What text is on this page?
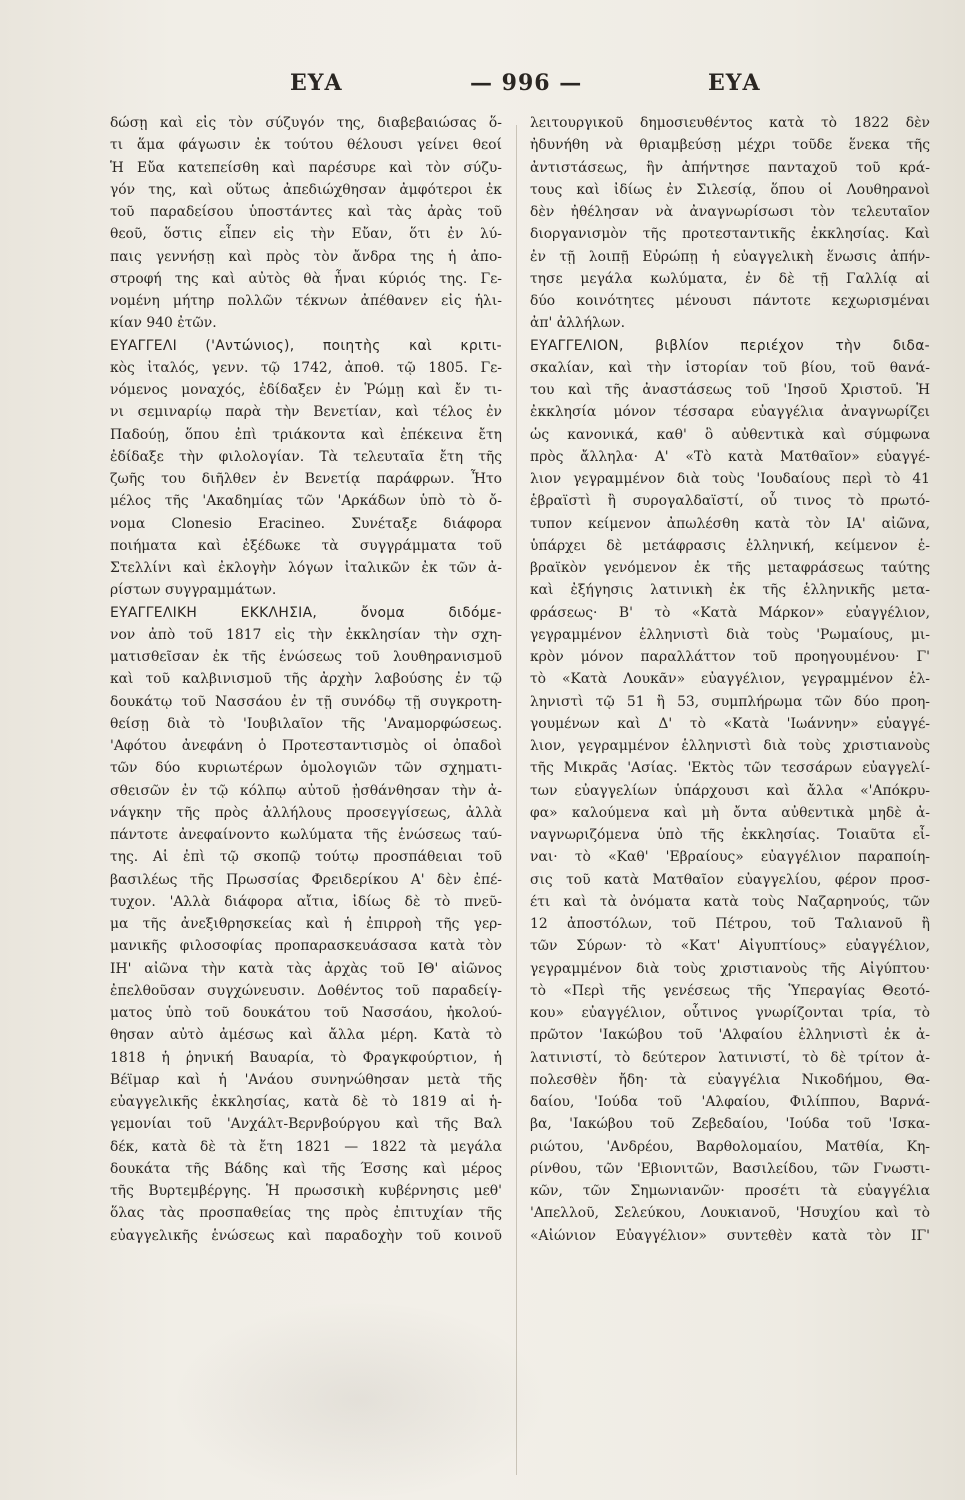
ΕΥΑ	— 996 —	ΕΥΑ
δώσῃ καὶ εἰς τὸν σύζυγόν της, διαβεβαιώσας ὅ-
τι ἅμα φάγωσιν ἐκ τούτου θέλουσι γείνει θεοί
Ἡ Εὔα κατεπείσθη καὶ παρέσυρε καὶ τὸν σύζυ-
γόν της, καὶ οὕτως ἀπεδιώχθησαν ἀμφότεροι ἐκ
τοῦ παραδείσου ὑποστάντες καὶ τὰς ἀρὰς τοῦ
θεοῦ, ὅστις εἶπεν εἰς τὴν Εὔαν, ὅτι ἐν λύ-
παις γεννήσῃ καὶ πρὸς τὸν ἄνδρα της ἡ ἀπο-
στροφή της καὶ αὐτὸς θὰ ἦναι κύριός της. Γε-
νομένη μήτηρ πολλῶν τέκνων ἀπέθανεν εἰς ἡλι-
κίαν 940 ἐτῶν.
ΕΥΑΓΓΕΛΙ ('Αντώνιος), ποιητὴς καὶ κριτι-
κὸς ἰταλός, γενν. τῷ 1742, ἀποθ. τῷ 1805. Γε-
νόμενος μοναχός, ἐδίδαξεν ἐν Ῥώμῃ καὶ ἔν τι-
νι σεμιναρίῳ παρὰ τὴν Βενετίαν, καὶ τέλος ἐν
Παδούῃ, ὅπου ἐπὶ τριάκοντα καὶ ἐπέκεινα ἔτη
ἐδίδαξε τὴν φιλολογίαν. Τὰ τελευταῖα ἔτη τῆς
ζωῆς του διῆλθεν ἐν Βενετίᾳ παράφρων. Ἦτο
μέλος τῆς 'Ακαδημίας τῶν 'Αρκάδων ὑπὸ τὸ ὄ-
νομα Clonesio Eracineo. Συνέταξε διάφορα
ποιήματα καὶ ἐξέδωκε τὰ συγγράμματα τοῦ
Στελλίνι καὶ ἐκλογὴν λόγων ἰταλικῶν ἐκ τῶν ἀ-
ρίστων συγγραμμάτων.
ΕΥΑΓΓΕΛΙΚΗ ΕΚΚΛΗΣΙΑ, ὄνομα διδόμε-
νον ἀπὸ τοῦ 1817 εἰς τὴν ἐκκλησίαν τὴν σχη-
ματισθεῖσαν ἐκ τῆς ἑνώσεως τοῦ λουθηρανισμοῦ
καὶ τοῦ καλβινισμοῦ τῆς ἀρχὴν λαβούσης ἐν τῷ
δουκάτῳ τοῦ Νασσάου ἐν τῇ συνόδῳ τῇ συγκροτη-
θείσῃ διὰ τὸ 'Ιουβιλαῖον τῆς 'Αναμορφώσεως.
'Αφότου ἀνεφάνη ὁ Προτεσταντισμὸς οἱ ὀπαδοὶ
τῶν δύο κυριωτέρων ὁμολογιῶν τῶν σχηματι-
σθεισῶν ἐν τῷ κόλπῳ αὐτοῦ ᾐσθάνθησαν τὴν ἀ-
νάγκην τῆς πρὸς ἀλλήλους προσεγγίσεως, ἀλλὰ
πάντοτε ἀνεφαίνοντο κωλύματα τῆς ἑνώσεως ταύ-
της. Αἱ ἐπὶ τῷ σκοπῷ τούτῳ προσπάθειαι τοῦ
βασιλέως τῆς Πρωσσίας Φρειδερίκου Α' δὲν ἐπέ-
τυχον. 'Αλλὰ διάφορα αἴτια, ἰδίως δὲ τὸ πνεῦ-
μα τῆς ἀνεξιθρησκείας καὶ ἡ ἐπιρροὴ τῆς γερ-
μανικῆς φιλοσοφίας προπαρασκευάσασα κατὰ τὸν
ΙΗ' αἰῶνα τὴν κατὰ τὰς ἀρχὰς τοῦ ΙΘ' αἰῶνος
ἐπελθοῦσαν συγχώνευσιν. Δοθέντος τοῦ παραδείγ-
ματος ὑπὸ τοῦ δουκάτου τοῦ Νασσάου, ἠκολού-
θησαν αὐτὸ ἀμέσως καὶ ἄλλα μέρη. Κατὰ τὸ
1818 ἡ ῥηνική Βαυαρία, τὸ Φραγκφούρτιον, ἡ
Βέϊμαρ καὶ ἡ 'Ανάου συνηνώθησαν μετὰ τῆς
εὐαγγελικῆς ἐκκλησίας, κατὰ δὲ τὸ 1819 αἱ ἡ-
γεμονίαι τοῦ 'Ανχάλτ-Βερνβούργου καὶ τῆς Βαλ
δέκ, κατὰ δὲ τὰ ἔτη 1821 — 1822 τὰ μεγάλα
δουκάτα τῆς Βάδης καὶ τῆς Έσσης καὶ μέρος
τῆς Βυρτεμβέργης. Ἡ πρωσσικὴ κυβέρνησις μεθ'
ὅλας τὰς προσπαθείας της πρὸς ἐπιτυχίαν τῆς
εὐαγγελικῆς ἑνώσεως καὶ παραδοχὴν τοῦ κοινοῦ
λειτουργικοῦ δημοσιευθέντος κατὰ τὸ 1822 δὲν
ἠδυνήθη νὰ θριαμβεύσῃ μέχρι τοῦδε ἕνεκα τῆς
ἀντιστάσεως, ἣν ἀπήντησε πανταχοῦ τοῦ κρά-
τους καὶ ἰδίως ἐν Σιλεσίᾳ, ὅπου οἱ Λουθηρανοὶ
δὲν ἠθέλησαν νὰ ἀναγνωρίσωσι τὸν τελευταῖον
διοργανισμὸν τῆς προτεσταντικῆς ἐκκλησίας. Καὶ
ἐν τῇ λοιπῇ Εὐρώπῃ ἡ εὐαγγελικὴ ἕνωσις ἀπήν-
τησε μεγάλα κωλύματα, ἐν δὲ τῇ Γαλλίᾳ αἱ
δύο κοινότητες μένουσι πάντοτε κεχωρισμέναι
ἀπ' ἀλλήλων.
ΕΥΑΓΓΕΛΙΟΝ, βιβλίον περιέχον τὴν διδα-
σκαλίαν, καὶ τὴν ἱστορίαν τοῦ βίου, τοῦ θανά-
του καὶ τῆς ἀναστάσεως τοῦ 'Ιησοῦ Χριστοῦ. Ἡ
ἐκκλησία μόνον τέσσαρα εὐαγγέλια ἀναγνωρίζει
ὡς κανονικά, καθ' ὃ αὐθεντικὰ καὶ σύμφωνα
πρὸς ἄλληλα· Α' «Τὸ κατὰ Ματθαῖον» εὐαγγέ-
λιον γεγραμμένον διὰ τοὺς 'Ιουδαίους περὶ τὸ 41
ἑβραϊστὶ ἢ συρογαλδαϊστί, οὗ τινος τὸ πρωτό-
τυπον κείμενον ἀπωλέσθη κατὰ τὸν ΙΑ' αἰῶνα,
ὑπάρχει δὲ μετάφρασις ἑλληνική, κείμενον ἑ-
βραϊκὸν γενόμενον ἐκ τῆς μεταφράσεως ταύτης
καὶ ἐξήγησις λατινικὴ ἐκ τῆς ἑλληνικῆς μετα-
φράσεως· Β' τὸ «Κατὰ Μάρκον» εὐαγγέλιον,
γεγραμμένον ἑλληνιστὶ διὰ τοὺς 'Ρωμαίους, μι-
κρὸν μόνον παραλλάττον τοῦ προηγουμένου· Γ'
τὸ «Κατὰ Λουκᾶν» εὐαγγέλιον, γεγραμμένον ἑλ-
ληνιστὶ τῷ 51 ἢ 53, συμπλήρωμα τῶν δύο προη-
γουμένων καὶ Δ' τὸ «Κατὰ 'Ιωάννην» εὐαγγέ-
λιον, γεγραμμένον ἑλληνιστὶ διὰ τοὺς χριστιανοὺς
τῆς Μικρᾶς 'Ασίας. 'Εκτὸς τῶν τεσσάρων εὐαγγελί-
των εὐαγγελίων ὑπάρχουσι καὶ ἄλλα «'Απόκρυ-
φα» καλούμενα καὶ μὴ ὄντα αὐθεντικὰ μηδὲ ἀ-
ναγνωριζόμενα ὑπὸ τῆς ἐκκλησίας. Τοιαῦτα εἶ-
ναι· τὸ «Καθ' 'Εβραίους» εὐαγγέλιον παραποίη-
σις τοῦ κατὰ Ματθαῖον εὐαγγελίου, φέρον προσ-
έτι καὶ τὰ ὀνόματα κατὰ τοὺς Ναζαρηνούς, τῶν
12 ἀποστόλων, τοῦ Πέτρου, τοῦ Ταλιανοῦ ἢ
τῶν Σύρων· τὸ «Κατ' Αἰγυπτίους» εὐαγγέλιον,
γεγραμμένον διὰ τοὺς χριστιανοὺς τῆς Αἰγύπτου·
τὸ «Περὶ τῆς γενέσεως τῆς Ὑπεραγίας Θεοτό-
κου» εὐαγγέλιον, οὗτινος γνωρίζονται τρία, τὸ
πρῶτον 'Ιακώβου τοῦ 'Αλφαίου ἑλληνιστὶ ἐκ ἀ-
λατινιστί, τὸ δεύτερον λατινιστί, τὸ δὲ τρίτον ἀ-
πολεσθὲν ἤδη· τὰ εὐαγγέλια Νικοδήμου, Θα-
δαίου, 'Ιούδα τοῦ 'Αλφαίου, Φιλίππου, Βαρνά-
βα, 'Ιακώβου τοῦ Ζεβεδαίου, 'Ιούδα τοῦ 'Ισκα-
ριώτου, 'Ανδρέου, Βαρθολομαίου, Ματθία, Κη-
ρίνθου, τῶν 'Εβιονιτῶν, Βασιλείδου, τῶν Γνωστι-
κῶν, τῶν Σημωνιανῶν· προσέτι τὰ εὐαγγέλια
'Απελλοῦ, Σελεύκου, Λουκιανοῦ, 'Ησυχίου καὶ τὸ
«Αἰώνιον Εὐαγγέλιον» συντεθὲν κατὰ τὸν ΙΓ'
